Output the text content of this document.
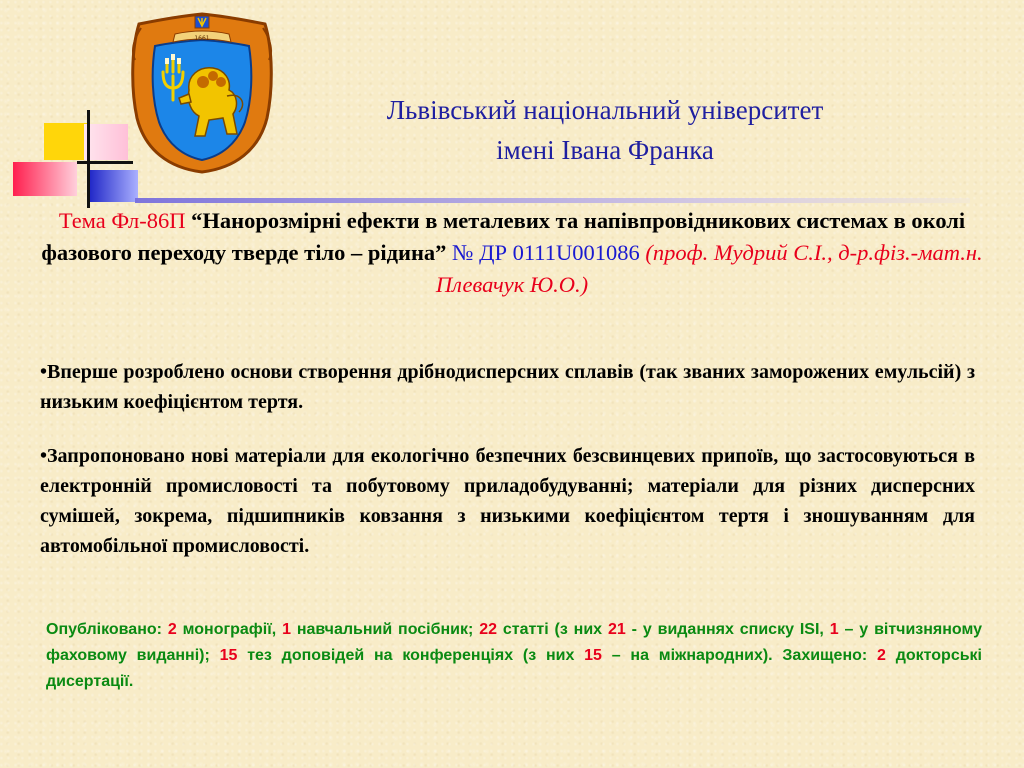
1661
Львівський національний університет
імені Івана Франка
Тема Фл-86П “Нанорозмірні ефекти в металевих та напівпровідникових системах в околі фазового переходу тверде тіло – рідина” № ДР 0111U001086 (проф. Мудрий С.І., д-р.фіз.-мат.н. Плевачук Ю.О.)

•Вперше розроблено основи створення дрібнодисперсних сплавів (так званих заморожених емульсій) з низьким коефіцієнтом тертя.

•Запропоновано нові матеріали для екологічно безпечних безсвинцевих припоїв, що застосовуються в електронній промисловості та побутовому приладобудуванні; матеріали для різних дисперсних сумішей, зокрема, підшипників ковзання з низькими коефіцієнтом тертя і зношуванням для автомобільної промисловості.

Опубліковано: 2 монографії, 1 навчальний посібник; 22 статті (з них 21 - у виданнях списку ISI, 1 – у вітчизняному фаховому виданні); 15 тез доповідей на конференціях (з них 15 – на міжнародних). Захищено: 2 докторські дисертації.
